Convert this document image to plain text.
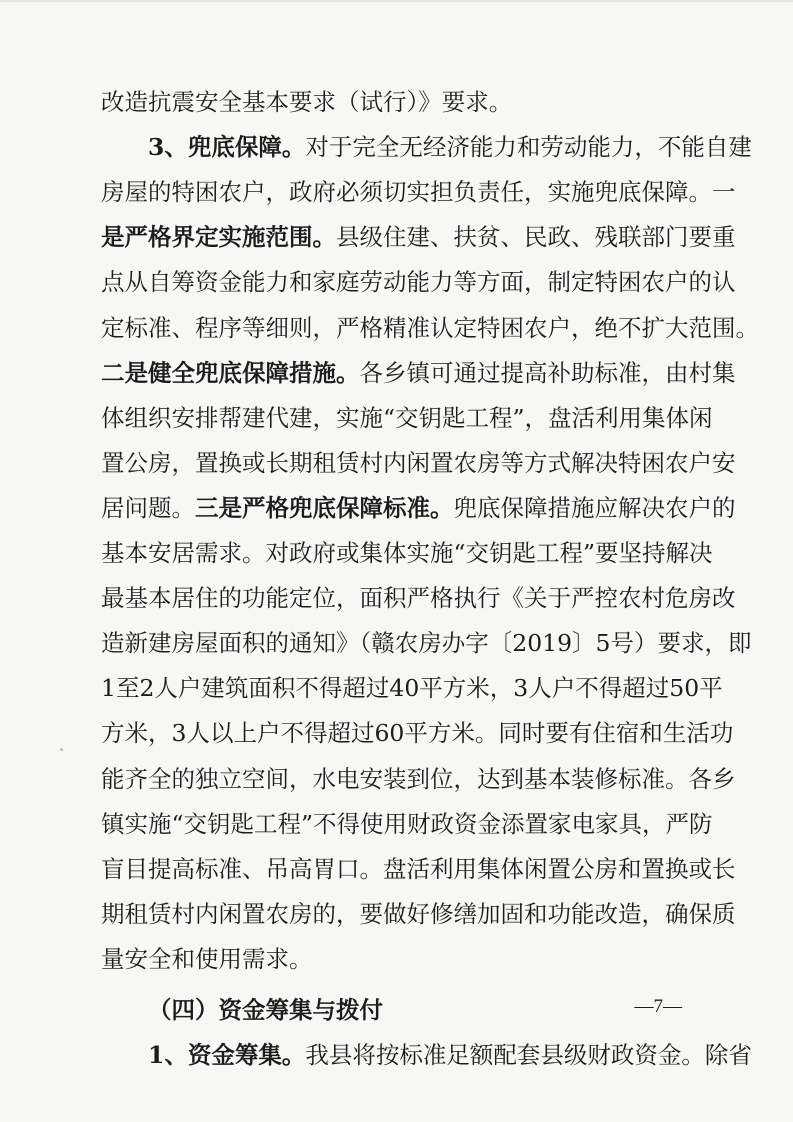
改造抗震安全基本要求（试行）》要求。
3、兜底保障。对于完全无经济能力和劳动能力，不能自建
房屋的特困农户，政府必须切实担负责任，实施兜底保障。一
是严格界定实施范围。县级住建、扶贫、民政、残联部门要重
点从自筹资金能力和家庭劳动能力等方面，制定特困农户的认
定标准、程序等细则，严格精准认定特困农户，绝不扩大范围。
二是健全兜底保障措施。各乡镇可通过提高补助标准，由村集
体组织安排帮建代建，实施“交钥匙工程”，盘活利用集体闲
置公房，置换或长期租赁村内闲置农房等方式解决特困农户安
居问题。三是严格兜底保障标准。兜底保障措施应解决农户的
基本安居需求。对政府或集体实施“交钥匙工程”要坚持解决
最基本居住的功能定位，面积严格执行《关于严控农村危房改
造新建房屋面积的通知》（赣农房办字〔2019〕5号）要求，即
1至2人户建筑面积不得超过40平方米，3人户不得超过50平
方米，3人以上户不得超过60平方米。同时要有住宿和生活功
能齐全的独立空间，水电安装到位，达到基本装修标准。各乡
镇实施“交钥匙工程”不得使用财政资金添置家电家具，严防
盲目提高标准、吊高胃口。盘活利用集体闲置公房和置换或长
期租赁村内闲置农房的，要做好修缮加固和功能改造，确保质
量安全和使用需求。
（四）资金筹集与拨付
1、资金筹集。我县将按标准足额配套县级财政资金。除省
—7—
